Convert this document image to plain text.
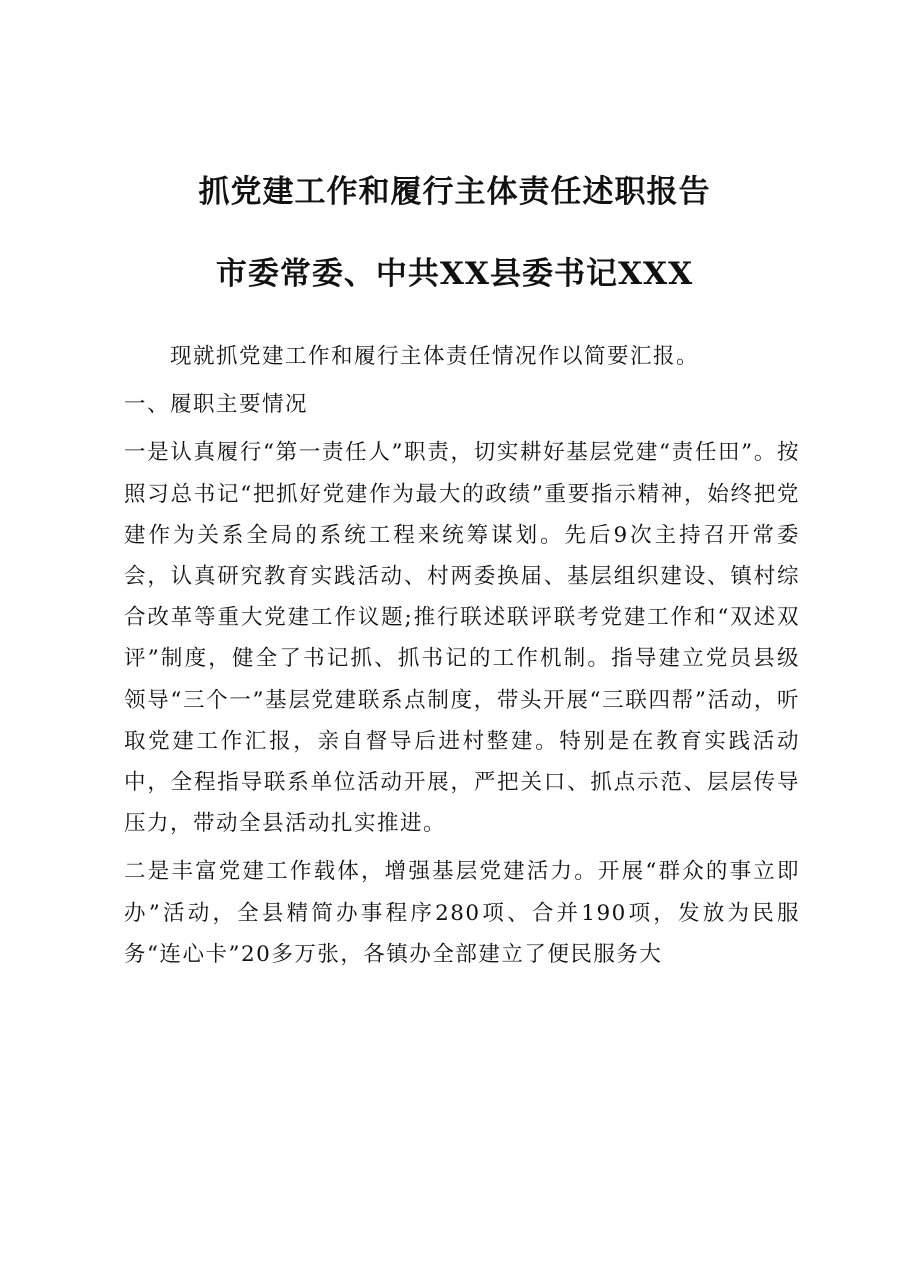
抓党建工作和履行主体责任述职报告
市委常委、中共XX县委书记XXX

现就抓党建工作和履行主体责任情况作以简要汇报。

一、履职主要情况

一是认真履行“第一责任人”职责，切实耕好基层党建“责任田”。按照习总书记“把抓好党建作为最大的政绩”重要指示精神，始终把党建作为关系全局的系统工程来统筹谋划。先后9次主持召开常委会，认真研究教育实践活动、村两委换届、基层组织建设、镇村综合改革等重大党建工作议题;推行联述联评联考党建工作和“双述双评”制度，健全了书记抓、抓书记的工作机制。指导建立党员县级领导“三个一”基层党建联系点制度，带头开展“三联四帮”活动，听取党建工作汇报，亲自督导后进村整建。特别是在教育实践活动中，全程指导联系单位活动开展，严把关口、抓点示范、层层传导压力，带动全县活动扎实推进。

二是丰富党建工作载体，增强基层党建活力。开展“群众的事立即办”活动，全县精简办事程序280项、合并190项，发放为民服务“连心卡”20多万张，各镇办全部建立了便民服务大
